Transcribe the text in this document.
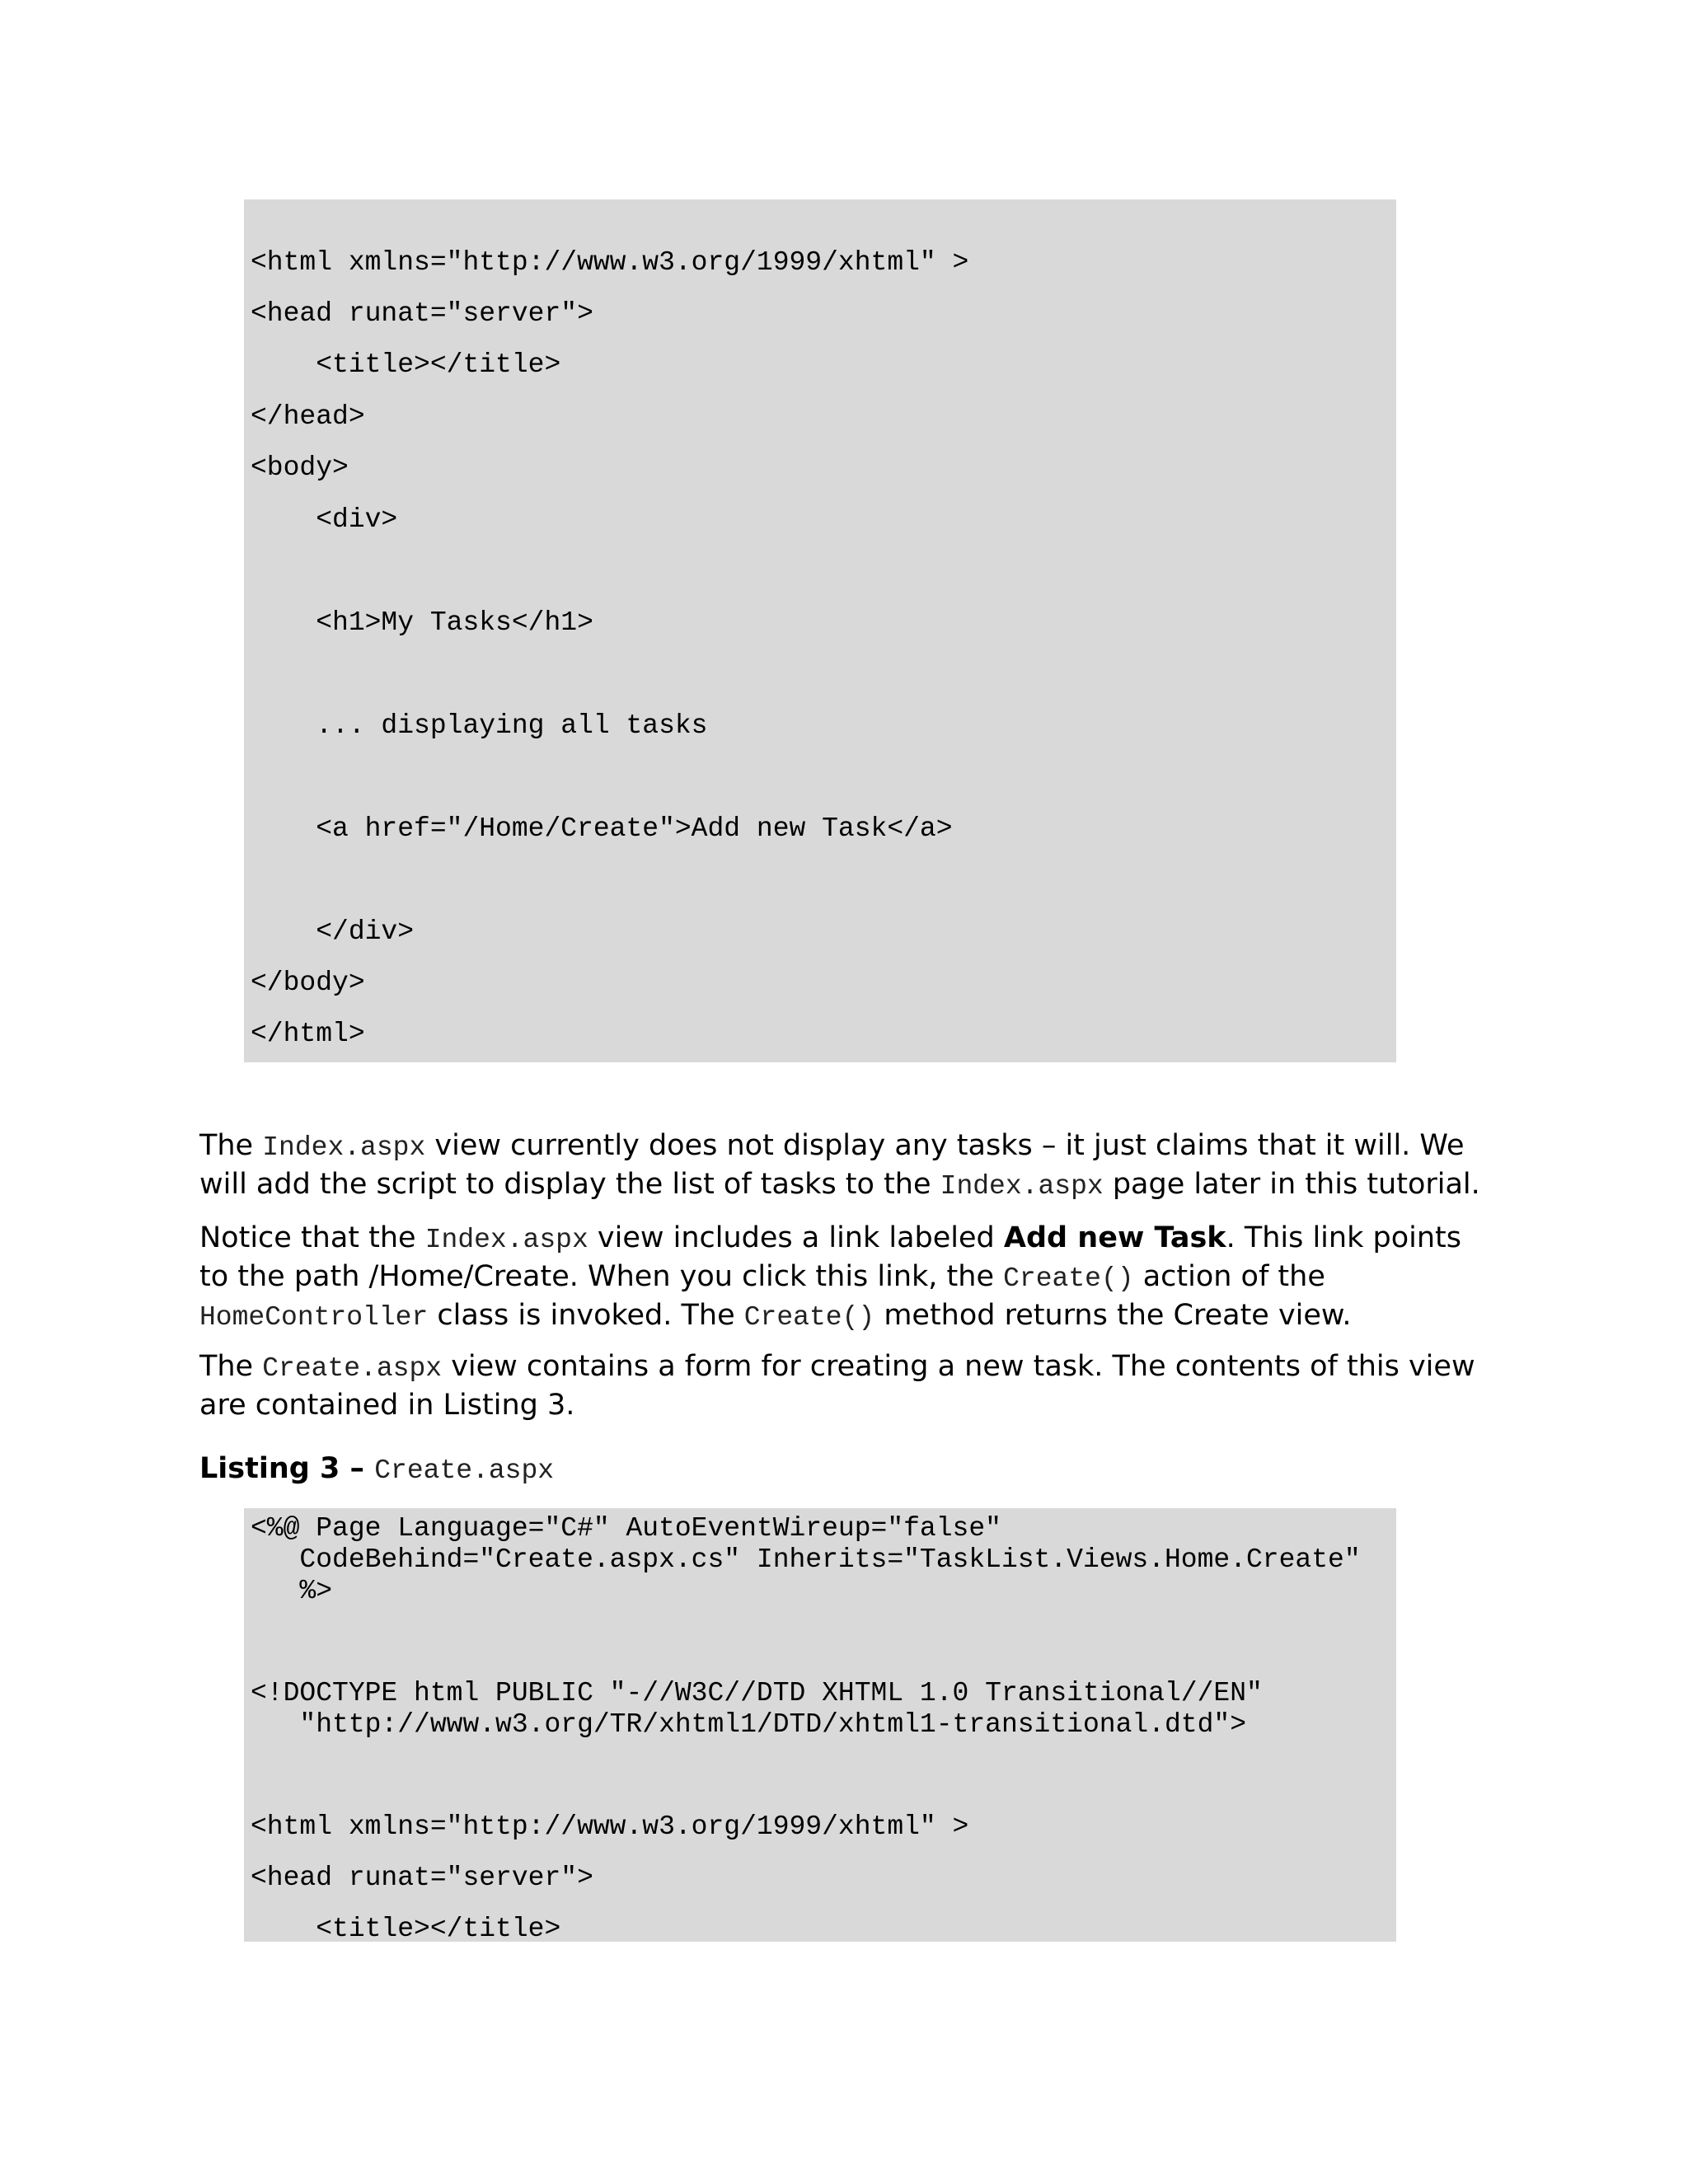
<html xmlns="http://www.w3.org/1999/xhtml" >
<head runat="server">
<title></title>
</head>
<body>
<div>
<h1>My Tasks</h1>
... displaying all tasks
<a href="/Home/Create">Add new Task</a>
</div>
</body>
</html>

The Index.aspx view currently does not display any tasks – it just claims that it will. We will add the script to display the list of tasks to the Index.aspx page later in this tutorial.

Notice that the Index.aspx view includes a link labeled Add new Task. This link points to the path /Home/Create. When you click this link, the Create() action of the HomeController class is invoked. The Create() method returns the Create view.

The Create.aspx view contains a form for creating a new task. The contents of this view are contained in Listing 3.

Listing 3 – Create.aspx
<%@ Page Language="C#" AutoEventWireup="false"
CodeBehind="Create.aspx.cs" Inherits="TaskList.Views.Home.Create"
%>
<!DOCTYPE html PUBLIC "-//W3C//DTD XHTML 1.0 Transitional//EN"
"http://www.w3.org/TR/xhtml1/DTD/xhtml1-transitional.dtd">
<html xmlns="http://www.w3.org/1999/xhtml" >
<head runat="server">
<title></title>
